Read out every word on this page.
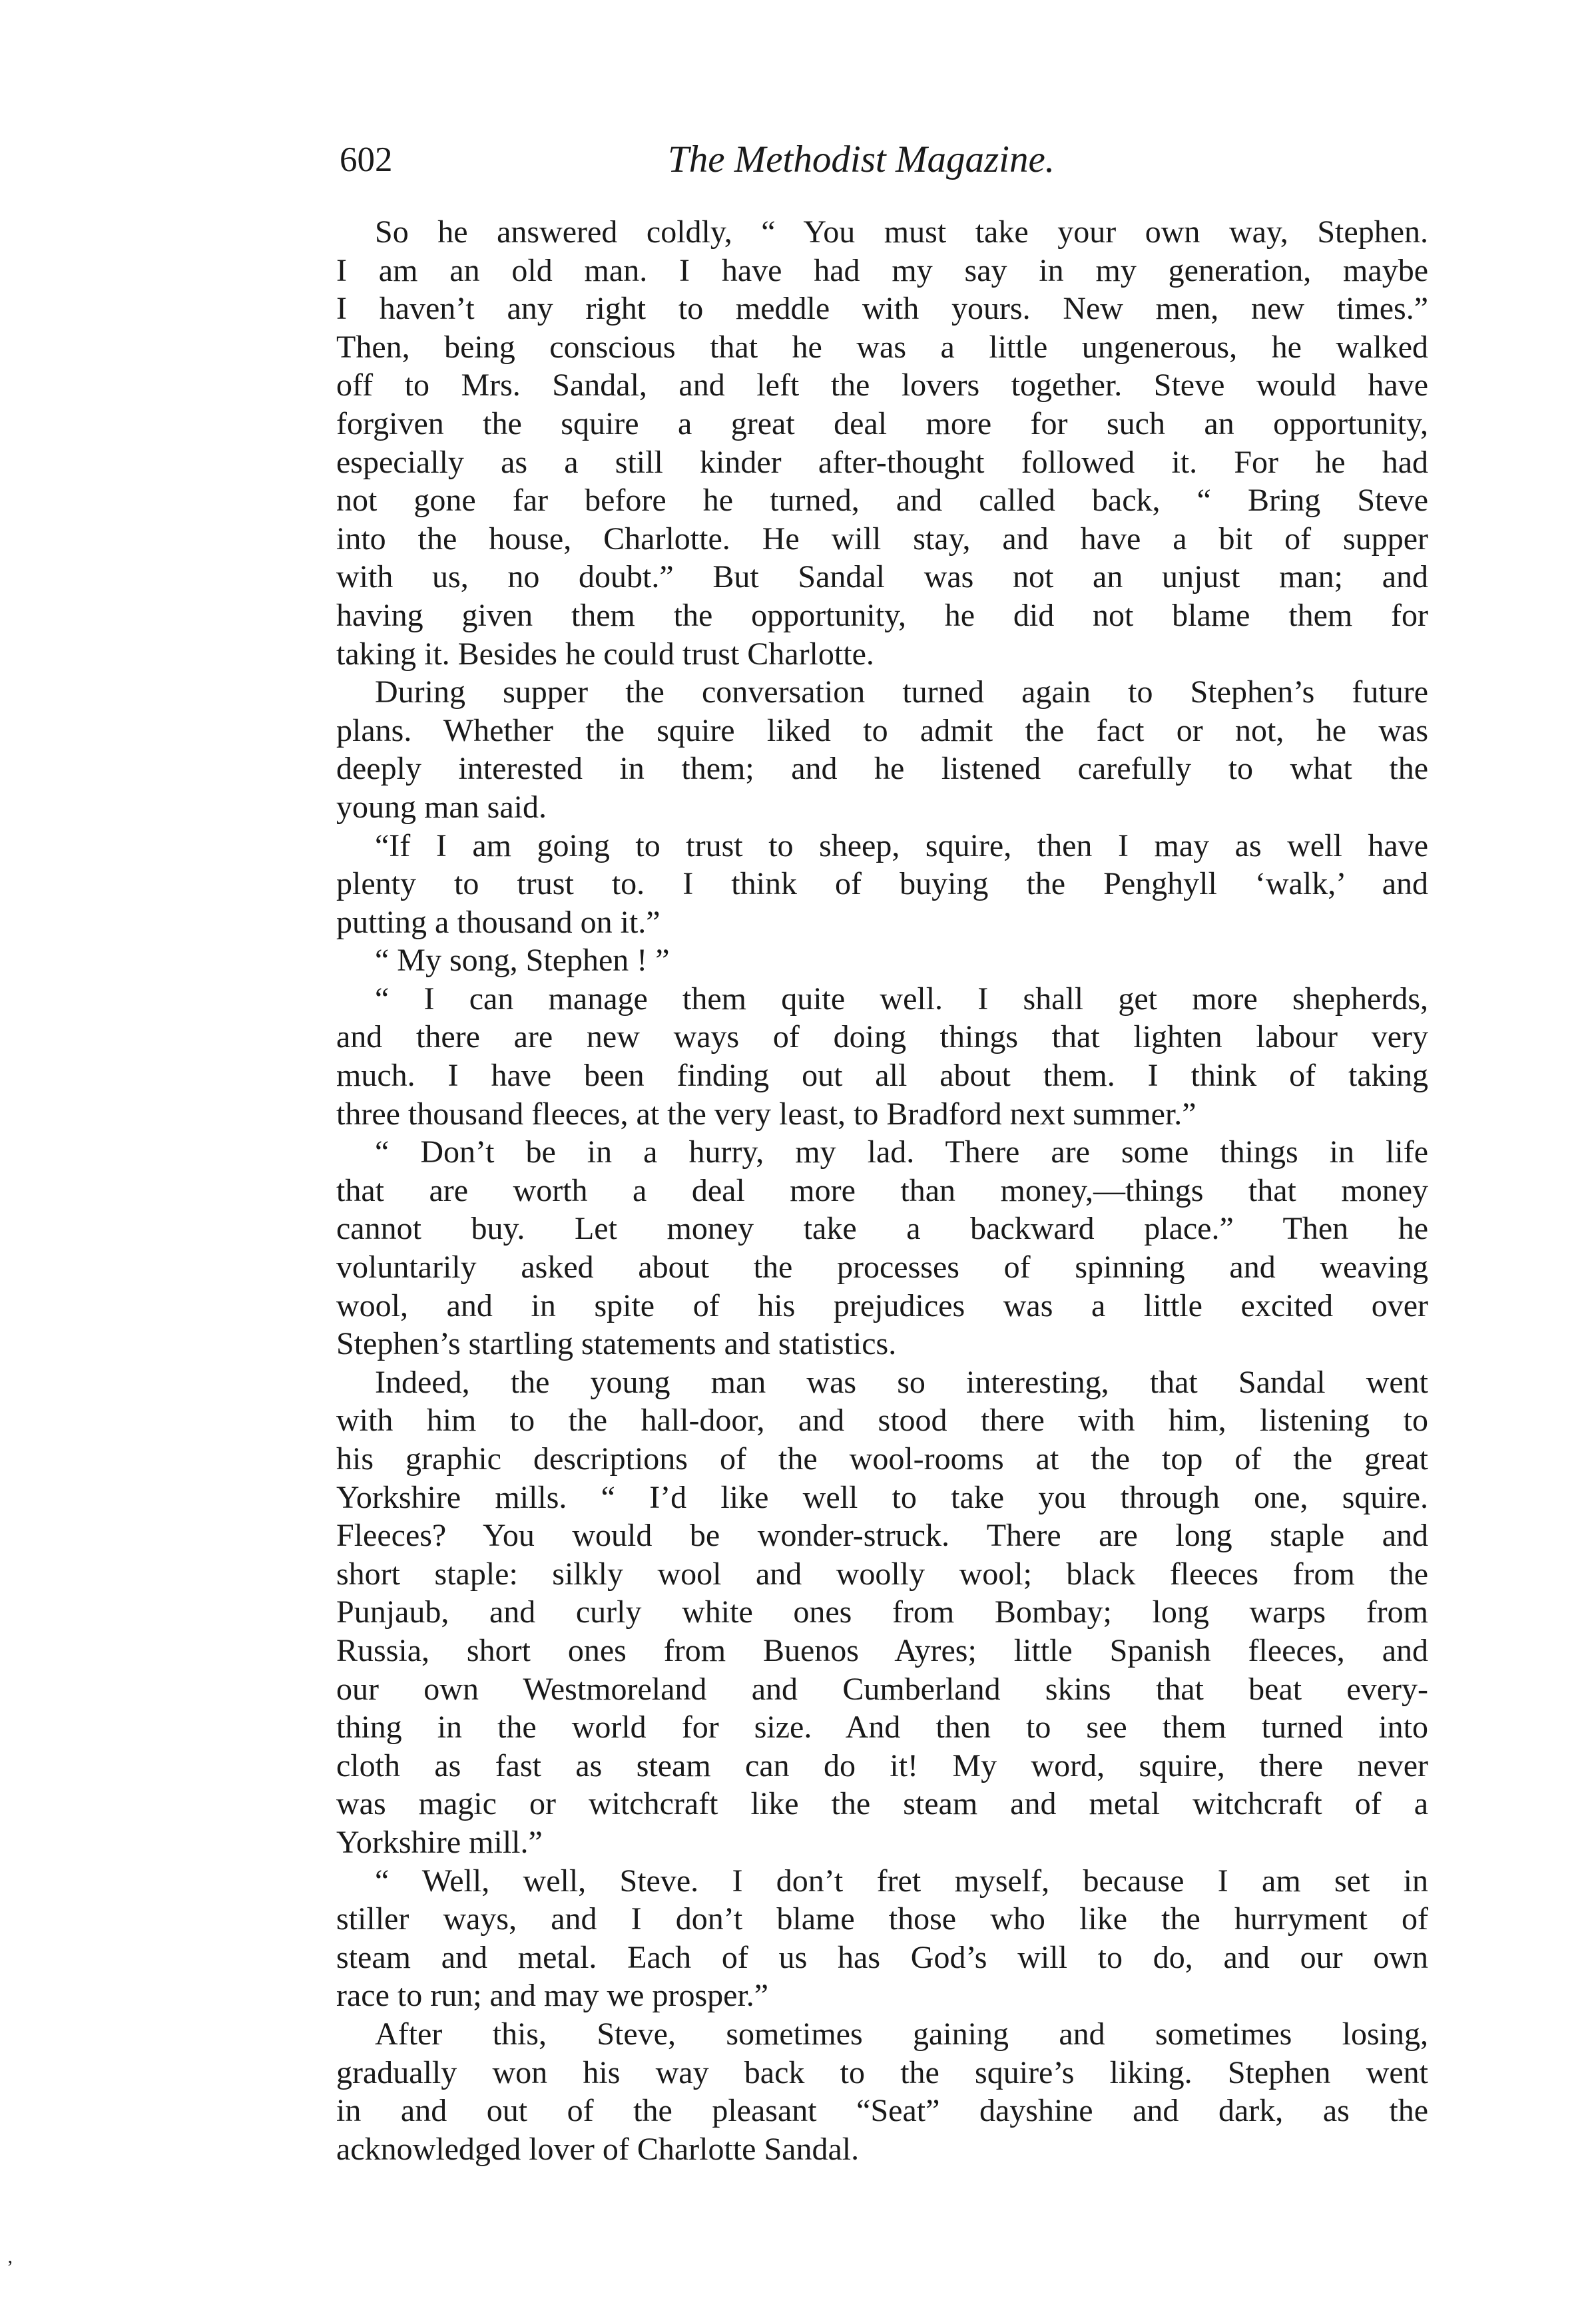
602	The Methodist Magazine.
So he answered coldly, “ You must take your own way, Stephen.
I am an old man. I have had my say in my generation, maybe
I haven’t any right to meddle with yours. New men, new times.”
Then, being conscious that he was a little ungenerous, he walked
off to Mrs. Sandal, and left the lovers together. Steve would have
forgiven the squire a great deal more for such an opportunity,
especially as a still kinder after-thought followed it. For he had
not gone far before he turned, and called back, “ Bring Steve
into the house, Charlotte. He will stay, and have a bit of supper
with us, no doubt.” But Sandal was not an unjust man; and
having given them the opportunity, he did not blame them for
taking it. Besides he could trust Charlotte.
During supper the conversation turned again to Stephen’s future
plans. Whether the squire liked to admit the fact or not, he was
deeply interested in them; and he listened carefully to what the
young man said.
“If I am going to trust to sheep, squire, then I may as well have
plenty to trust to. I think of buying the Penghyll ‘walk,’ and
putting a thousand on it.”
“ My song, Stephen ! ”
“ I can manage them quite well. I shall get more shepherds,
and there are new ways of doing things that lighten labour very
much. I have been finding out all about them. I think of taking
three thousand fleeces, at the very least, to Bradford next summer.”
“ Don’t be in a hurry, my lad. There are some things in life
that are worth a deal more than money,—things that money
cannot buy. Let money take a backward place.” Then he
voluntarily asked about the processes of spinning and weaving
wool, and in spite of his prejudices was a little excited over
Stephen’s startling statements and statistics.
Indeed, the young man was so interesting, that Sandal went
with him to the hall-door, and stood there with him, listening to
his graphic descriptions of the wool-rooms at the top of the great
Yorkshire mills. “ I’d like well to take you through one, squire.
Fleeces? You would be wonder-struck. There are long staple and
short staple: silkly wool and woolly wool; black fleeces from the
Punjaub, and curly white ones from Bombay; long warps from
Russia, short ones from Buenos Ayres; little Spanish fleeces, and
our own Westmoreland and Cumberland skins that beat every-
thing in the world for size. And then to see them turned into
cloth as fast as steam can do it! My word, squire, there never
was magic or witchcraft like the steam and metal witchcraft of a
Yorkshire mill.”
“ Well, well, Steve. I don’t fret myself, because I am set in
stiller ways, and I don’t blame those who like the hurryment of
steam and metal. Each of us has God’s will to do, and our own
race to run; and may we prosper.”
After this, Steve, sometimes gaining and sometimes losing,
gradually won his way back to the squire’s liking. Stephen went
in and out of the pleasant “Seat” dayshine and dark, as the
acknowledged lover of Charlotte Sandal.
ʼ
